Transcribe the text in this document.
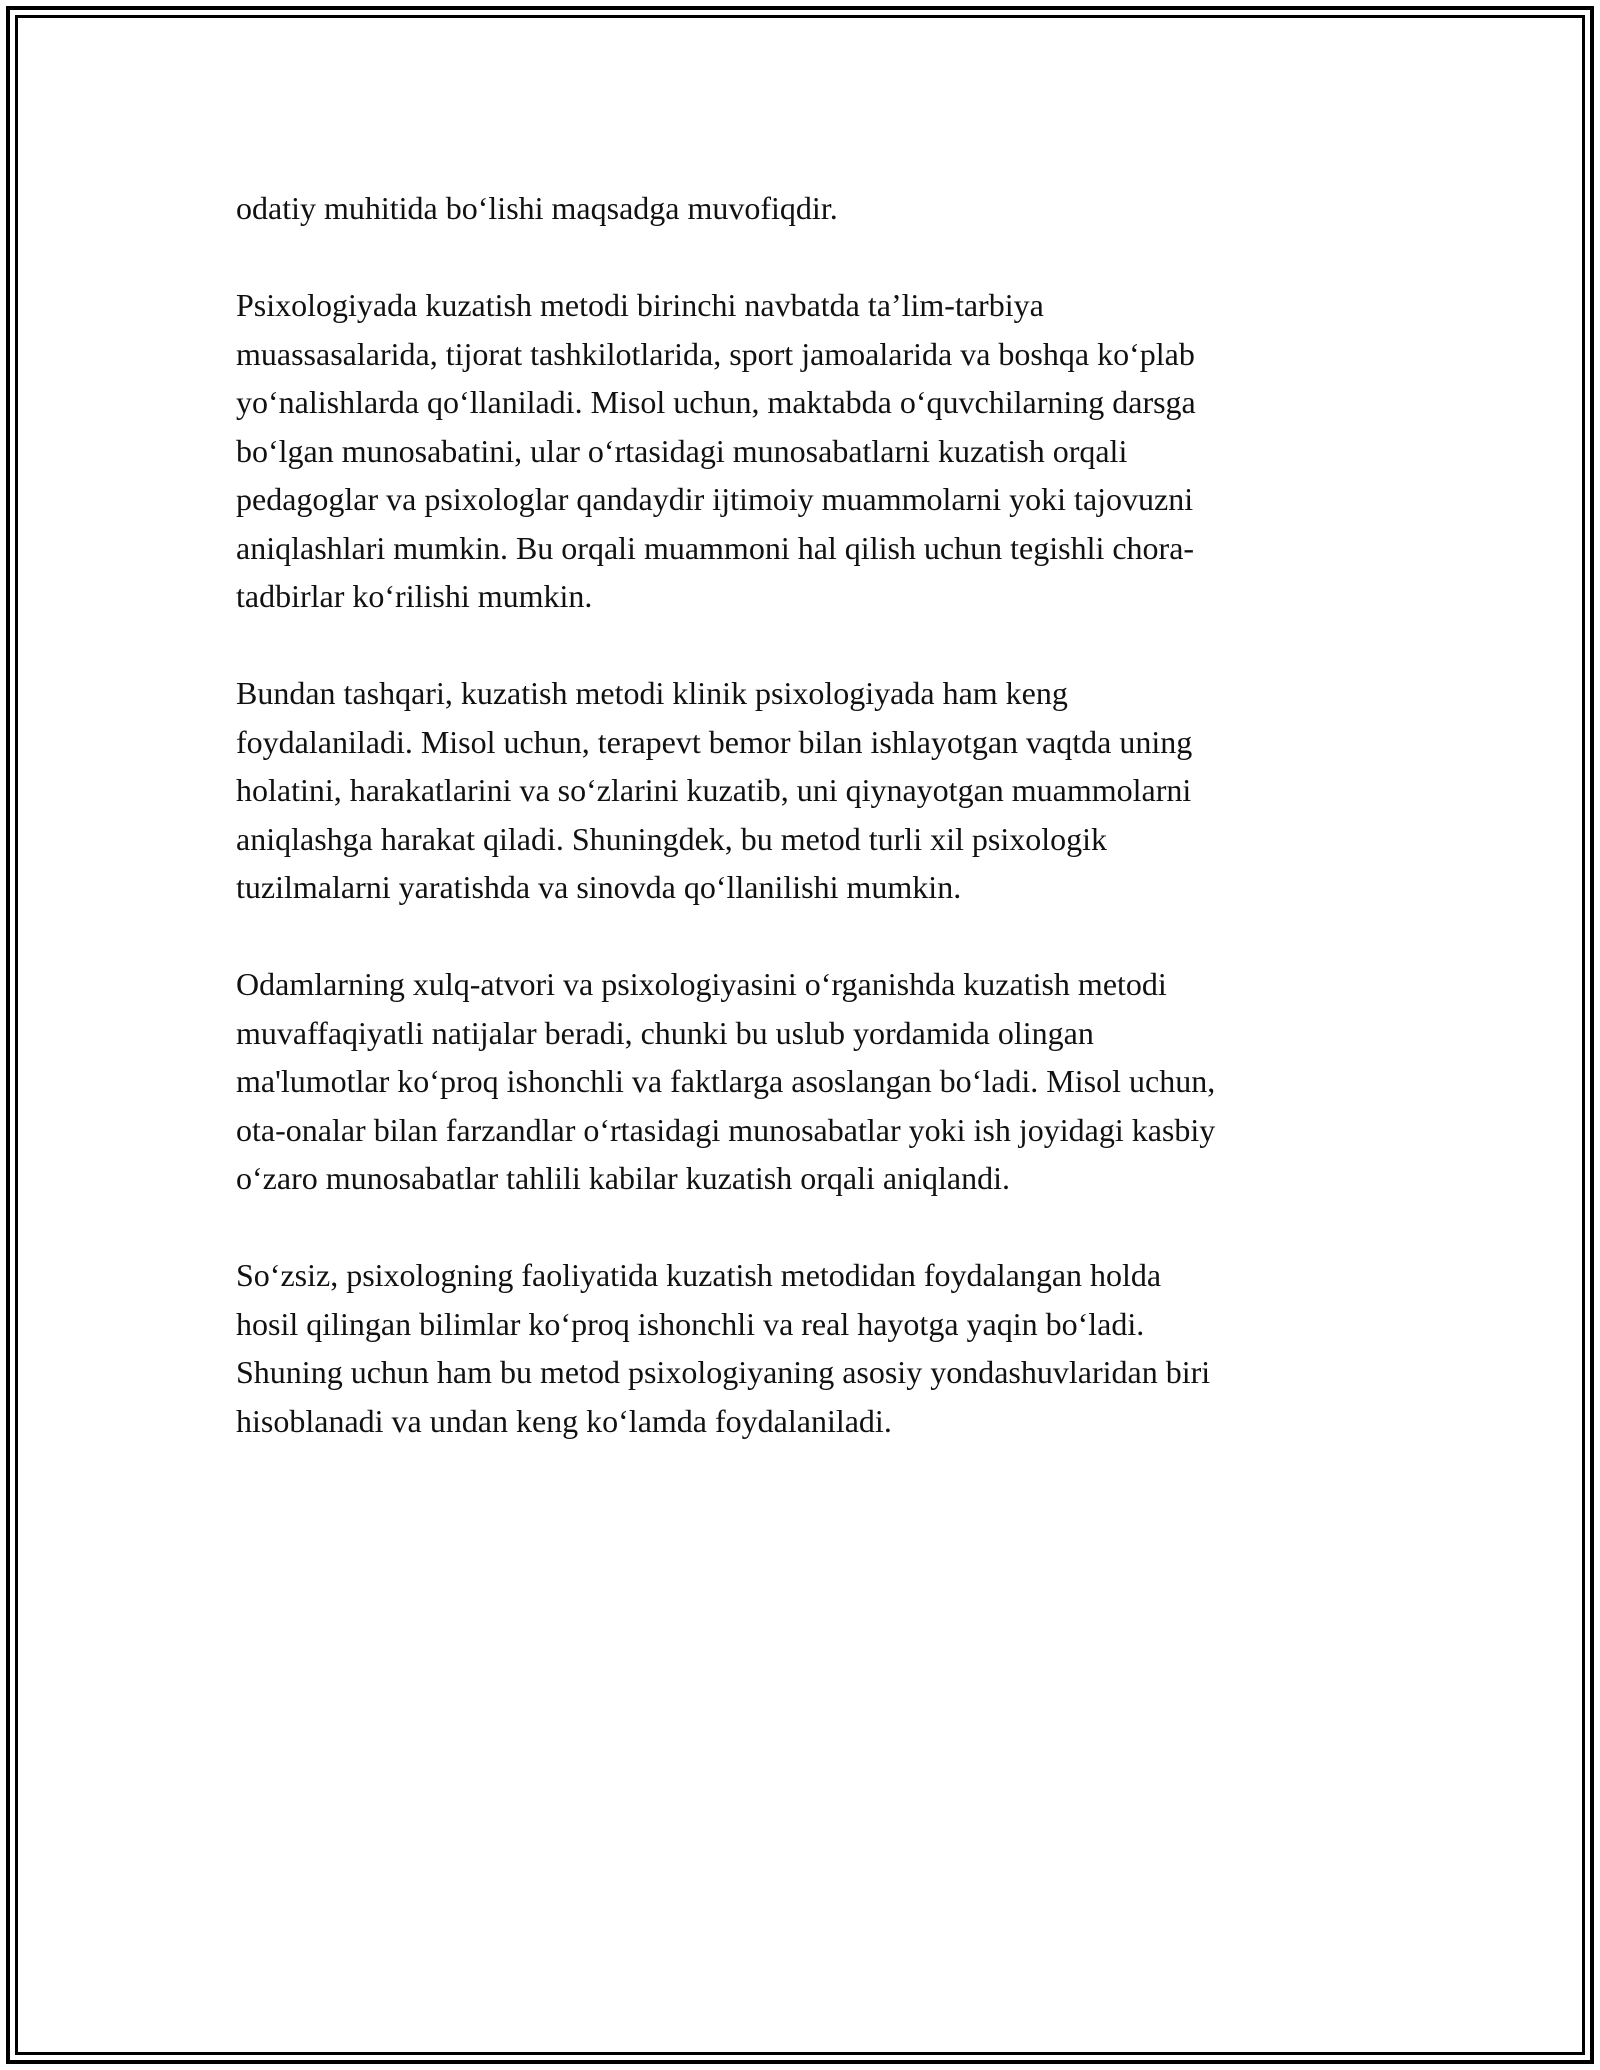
odatiy muhitida bo‘lishi maqsadga muvofiqdir.
Psixologiyada kuzatish metodi birinchi navbatda ta’lim-tarbiya
muassasalarida, tijorat tashkilotlarida, sport jamoalarida va boshqa ko‘plab
yo‘nalishlarda qo‘llaniladi. Misol uchun, maktabda o‘quvchilarning darsga
bo‘lgan munosabatini, ular o‘rtasidagi munosabatlarni kuzatish orqali
pedagoglar va psixologlar qandaydir ijtimoiy muammolarni yoki tajovuzni
aniqlashlari mumkin. Bu orqali muammoni hal qilish uchun tegishli chora-
tadbirlar ko‘rilishi mumkin.
Bundan tashqari, kuzatish metodi klinik psixologiyada ham keng
foydalaniladi. Misol uchun, terapevt bemor bilan ishlayotgan vaqtda uning
holatini, harakatlarini va so‘zlarini kuzatib, uni qiynayotgan muammolarni
aniqlashga harakat qiladi. Shuningdek, bu metod turli xil psixologik
tuzilmalarni yaratishda va sinovda qo‘llanilishi mumkin.
Odamlarning xulq-atvori va psixologiyasini o‘rganishda kuzatish metodi
muvaffaqiyatli natijalar beradi, chunki bu uslub yordamida olingan
ma'lumotlar ko‘proq ishonchli va faktlarga asoslangan bo‘ladi. Misol uchun,
ota-onalar bilan farzandlar o‘rtasidagi munosabatlar yoki ish joyidagi kasbiy
o‘zaro munosabatlar tahlili kabilar kuzatish orqali aniqlandi.
So‘zsiz, psixologning faoliyatida kuzatish metodidan foydalangan holda
hosil qilingan bilimlar ko‘proq ishonchli va real hayotga yaqin bo‘ladi.
Shuning uchun ham bu metod psixologiyaning asosiy yondashuvlaridan biri
hisoblanadi va undan keng ko‘lamda foydalaniladi.
